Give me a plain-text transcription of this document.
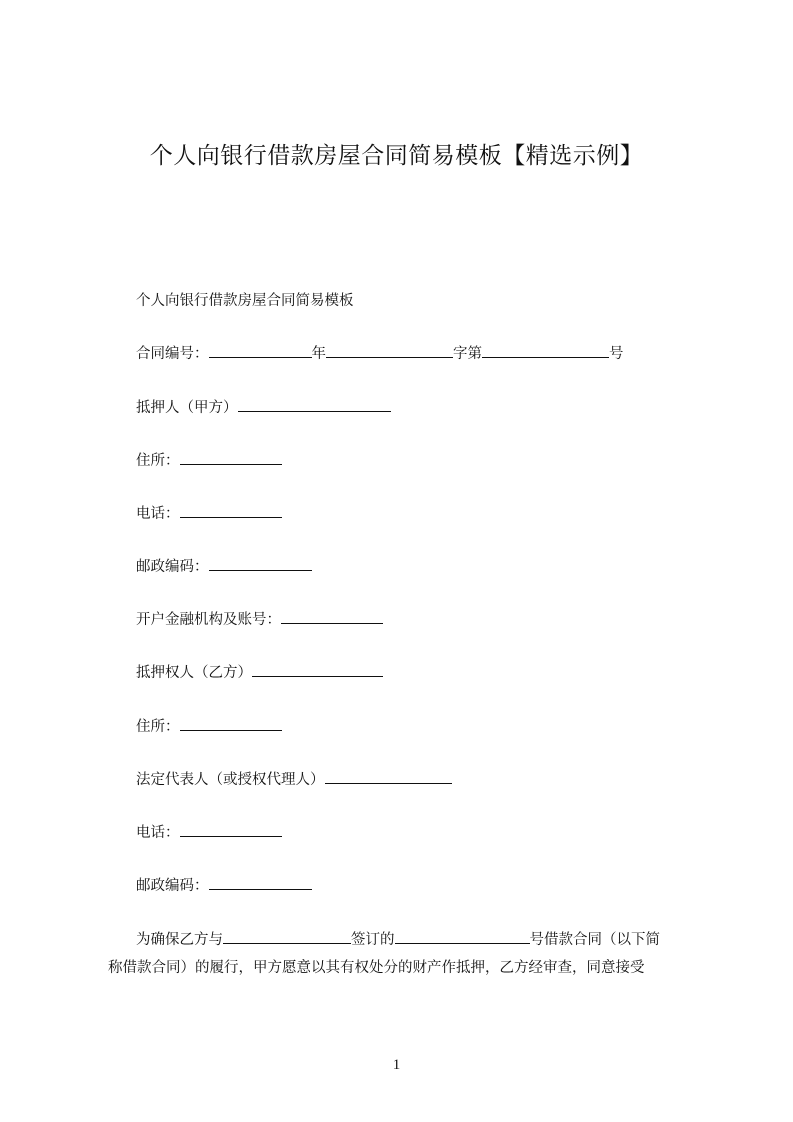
个人向银行借款房屋合同简易模板【精选示例】
个人向银行借款房屋合同简易模板
合同编号：	年	字第	号
抵押人（甲方）
住所：
电话：
邮政编码：
开户金融机构及账号：
抵押权人（乙方）
住所：
法定代表人（或授权代理人）
电话：
邮政编码：
为确保乙方与	签订的	号借款合同（以下简
称借款合同）的履行，甲方愿意以其有权处分的财产作抵押，乙方经审查，同意接受
1
